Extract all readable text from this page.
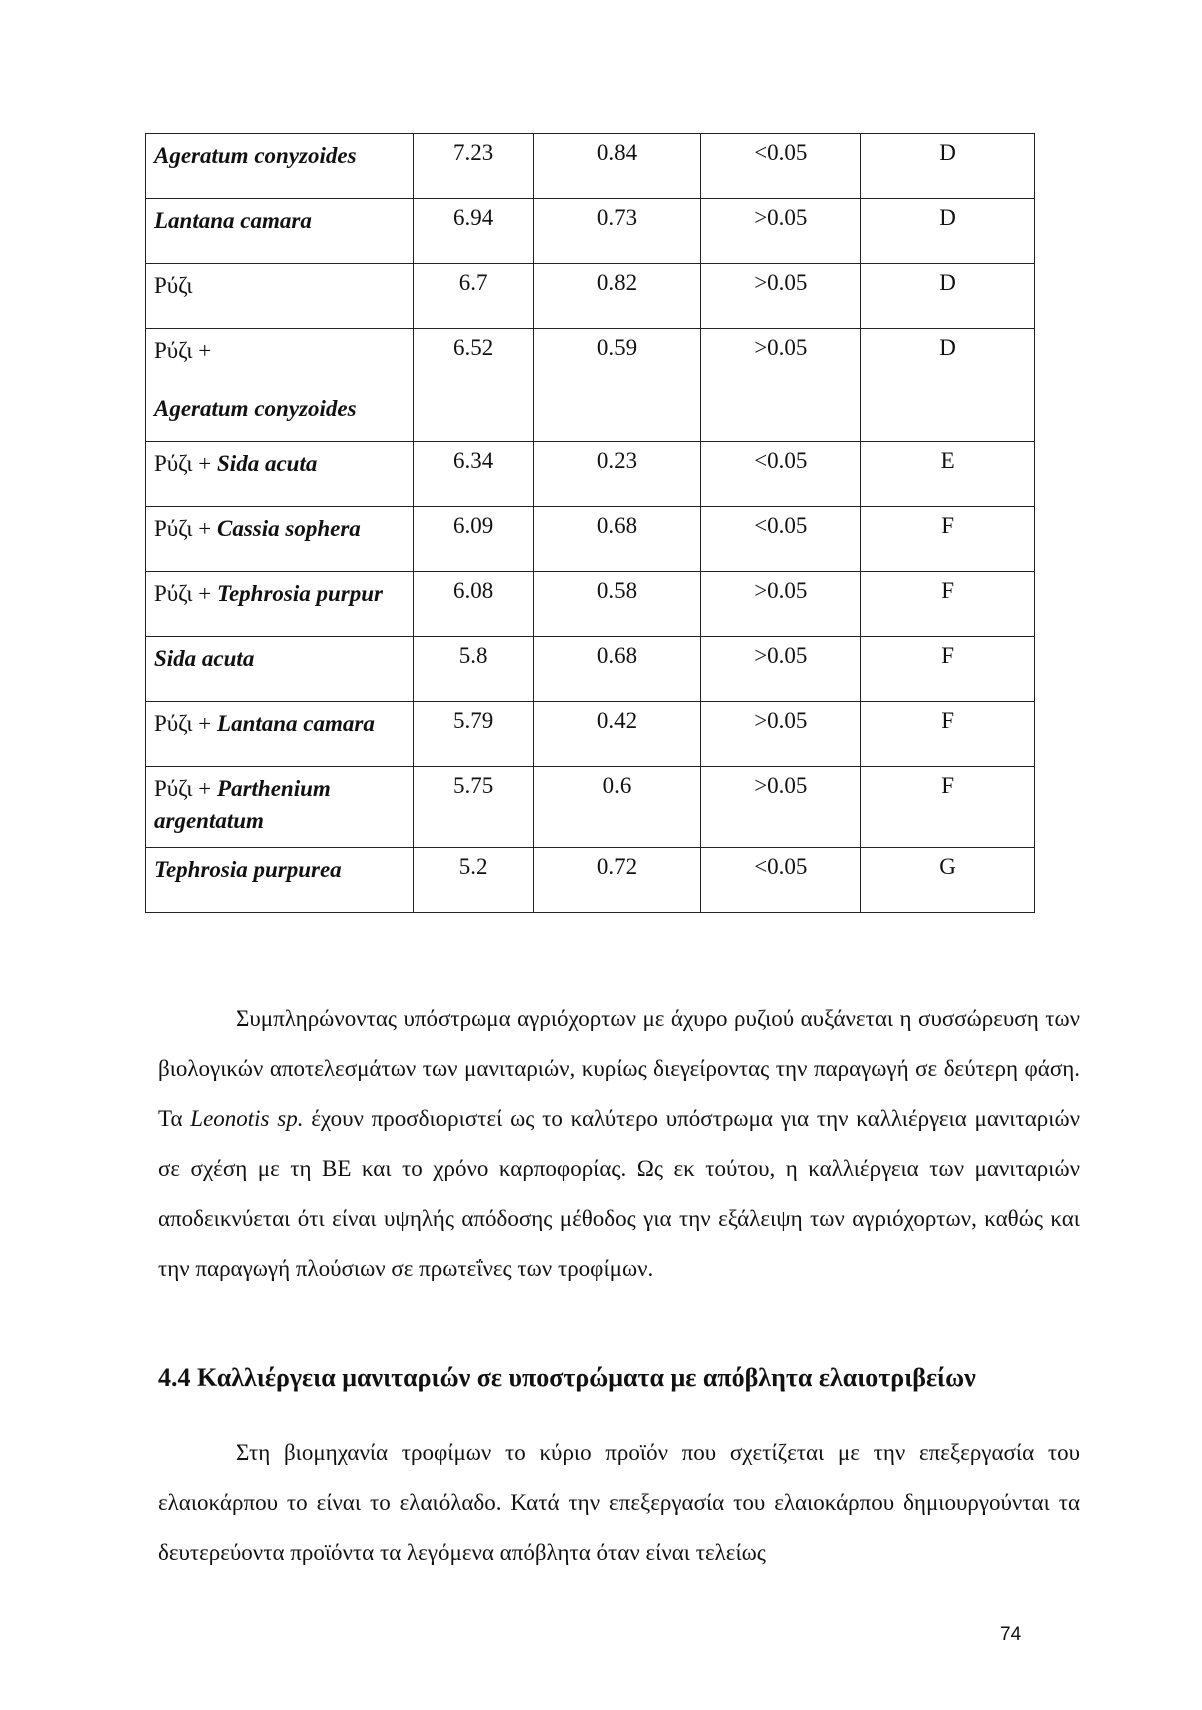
Ageratum conyzoides	7.23	0.84	<0.05	D
Lantana camara	6.94	0.73	>0.05	D
Ρύζι	6.7	0.82	>0.05	D
Ρύζι +
Ageratum conyzoides	6.52	0.59	>0.05	D
Ρύζι + Sida acuta	6.34	0.23	<0.05	E
Ρύζι + Cassia sophera	6.09	0.68	<0.05	F
Ρύζι + Tephrosia purpur	6.08	0.58	>0.05	F
Sida acuta	5.8	0.68	>0.05	F
Ρύζι + Lantana camara	5.79	0.42	>0.05	F
Ρύζι + Parthenium
argentatum	5.75	0.6	>0.05	F
Tephrosia purpurea	5.2	0.72	<0.05	G

Συμπληρώνοντας υπόστρωμα αγριόχορτων με άχυρο ρυζιού αυξάνεται η συσσώρευση των βιολογικών αποτελεσμάτων των μανιταριών, κυρίως διεγείροντας την παραγωγή σε δεύτερη φάση. Τα Leonotis sp. έχουν προσδιοριστεί ως το καλύτερο υπόστρωμα για την καλλιέργεια μανιταριών σε σχέση με τη ΒΕ και το χρόνο καρποφορίας. Ως εκ τούτου, η καλλιέργεια των μανιταριών αποδεικνύεται ότι είναι υψηλής απόδοσης μέθοδος για την εξάλειψη των αγριόχορτων, καθώς και την παραγωγή πλούσιων σε πρωτεΐνες των τροφίμων.

4.4 Καλλιέργεια μανιταριών σε υποστρώματα με απόβλητα ελαιοτριβείων

Στη βιομηχανία τροφίμων το κύριο προϊόν που σχετίζεται με την επεξεργασία του ελαιοκάρπου το είναι το ελαιόλαδο. Κατά την επεξεργασία του ελαιοκάρπου δημιουργούνται τα δευτερεύοντα προϊόντα τα λεγόμενα απόβλητα όταν είναι τελείως

74
